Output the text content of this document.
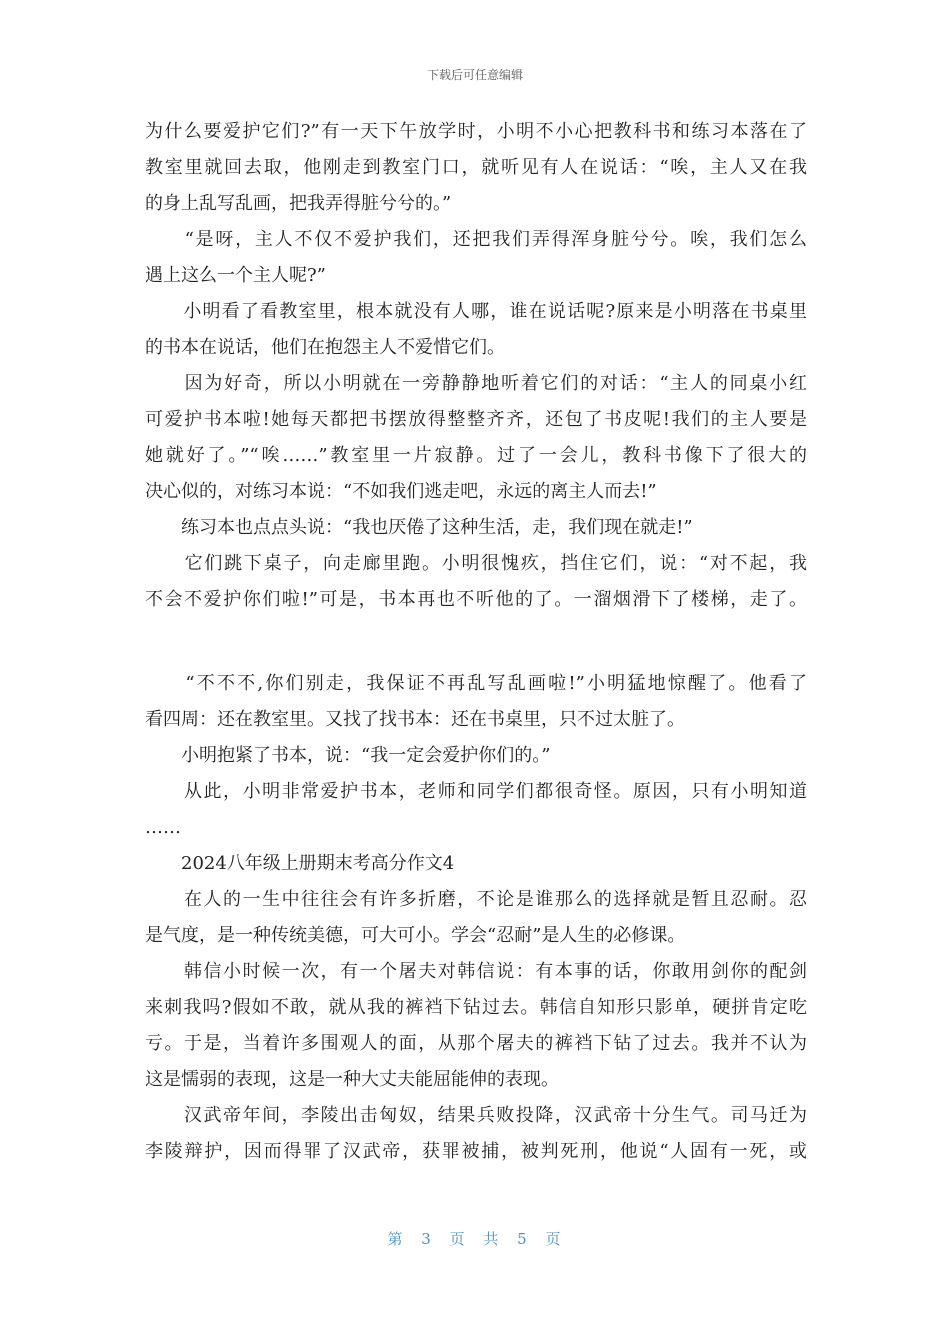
下载后可任意编辑
为什么要爱护它们?”有一天下午放学时，小明不小心把教科书和练习本落在了
教室里就回去取，他刚走到教室门口，就听见有人在说话：“唉，主人又在我
的身上乱写乱画，把我弄得脏兮兮的。”
　　“是呀，主人不仅不爱护我们，还把我们弄得浑身脏兮兮。唉，我们怎么
遇上这么一个主人呢?”
　　小明看了看教室里，根本就没有人哪，谁在说话呢?原来是小明落在书桌里
的书本在说话，他们在抱怨主人不爱惜它们。
　　因为好奇，所以小明就在一旁静静地听着它们的对话：“主人的同桌小红
可爱护书本啦!她每天都把书摆放得整整齐齐，还包了书皮呢!我们的主人要是
她就好了。”“唉……”教室里一片寂静。过了一会儿，教科书像下了很大的
决心似的，对练习本说：“不如我们逃走吧，永远的离主人而去!”
　　练习本也点点头说：“我也厌倦了这种生活，走，我们现在就走!”
　　它们跳下桌子，向走廊里跑。小明很愧疚，挡住它们，说：“对不起，我
不会不爱护你们啦!”可是，书本再也不听他的了。一溜烟滑下了楼梯，走了。
　　“不不不,你们别走，我保证不再乱写乱画啦!”小明猛地惊醒了。他看了
看四周：还在教室里。又找了找书本：还在书桌里，只不过太脏了。
　　小明抱紧了书本，说：“我一定会爱护你们的。”
　　从此，小明非常爱护书本，老师和同学们都很奇怪。原因，只有小明知道
……
　　2024八年级上册期末考高分作文4
　　在人的一生中往往会有许多折磨，不论是谁那么的选择就是暂且忍耐。忍
是气度，是一种传统美德，可大可小。学会“忍耐”是人生的必修课。
　　韩信小时候一次，有一个屠夫对韩信说：有本事的话，你敢用剑你的配剑
来刺我吗?假如不敢，就从我的裤裆下钻过去。韩信自知形只影单，硬拼肯定吃
亏。于是，当着许多围观人的面，从那个屠夫的裤裆下钻了过去。我并不认为
这是懦弱的表现，这是一种大丈夫能屈能伸的表现。
　　汉武帝年间，李陵出击匈奴，结果兵败投降，汉武帝十分生气。司马迁为
李陵辩护，因而得罪了汉武帝，获罪被捕，被判死刑，他说“人固有一死，或
第 3 页 共 5 页
